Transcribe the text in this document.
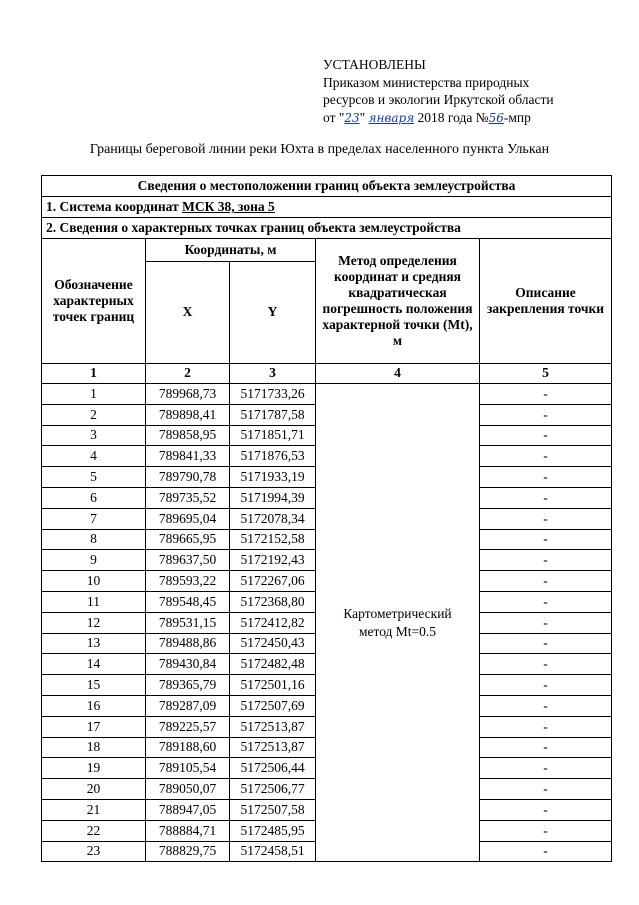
УСТАНОВЛЕНЫ
Приказом министерства природных
ресурсов и экологии Иркутской области
от "23" января 2018 года №56-мпр
Границы береговой линии реки Юхта в пределах населенного пункта Улькан
Сведения о местоположении границ объекта землеустройства				
1. Система координат МСК 38, зона 5				
2. Сведения о характерных точках границ объекта землеустройства				
Обозначение характерных точек границ	Координаты, м		Метод определения координат и средняя квадратическая погрешность положения характерной точки (Mt), м	Описание закрепления точки
	X	Y		
1	2	3	4	5
1	789968,73	5171733,26	Картометрический метод Mt=0.5	-
2	789898,41	5171787,58		-
3	789858,95	5171851,71		-
4	789841,33	5171876,53		-
5	789790,78	5171933,19		-
6	789735,52	5171994,39		-
7	789695,04	5172078,34		-
8	789665,95	5172152,58		-
9	789637,50	5172192,43		-
10	789593,22	5172267,06		-
11	789548,45	5172368,80		-
12	789531,15	5172412,82		-
13	789488,86	5172450,43		-
14	789430,84	5172482,48		-
15	789365,79	5172501,16		-
16	789287,09	5172507,69		-
17	789225,57	5172513,87		-
18	789188,60	5172513,87		-
19	789105,54	5172506,44		-
20	789050,07	5172506,77		-
21	788947,05	5172507,58		-
22	788884,71	5172485,95		-
23	788829,75	5172458,51		-
